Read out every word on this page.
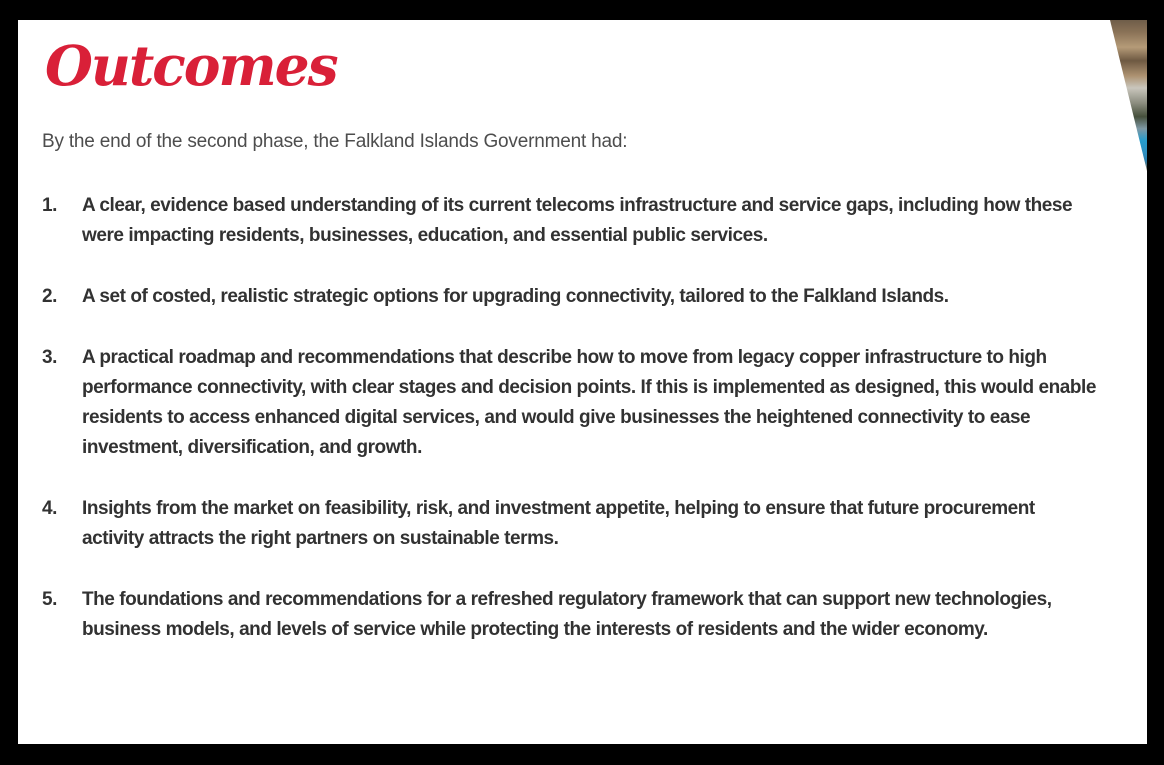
Outcomes

By the end of the second phase, the Falkland Islands Government had:

1.	A clear, evidence based understanding of its current telecoms infrastructure and service gaps, including how these were impacting residents, businesses, education, and essential public services.
2.	A set of costed, realistic strategic options for upgrading connectivity, tailored to the Falkland Islands.
3.	A practical roadmap and recommendations that describe how to move from legacy copper infrastructure to high performance connectivity, with clear stages and decision points. If this is implemented as designed, this would enable residents to access enhanced digital services, and would give businesses the heightened connectivity to ease investment, diversification, and growth.
4.	Insights from the market on feasibility, risk, and investment appetite, helping to ensure that future procurement activity attracts the right partners on sustainable terms.
5.	The foundations and recommendations for a refreshed regulatory framework that can support new technologies, business models, and levels of service while protecting the interests of residents and the wider economy.
